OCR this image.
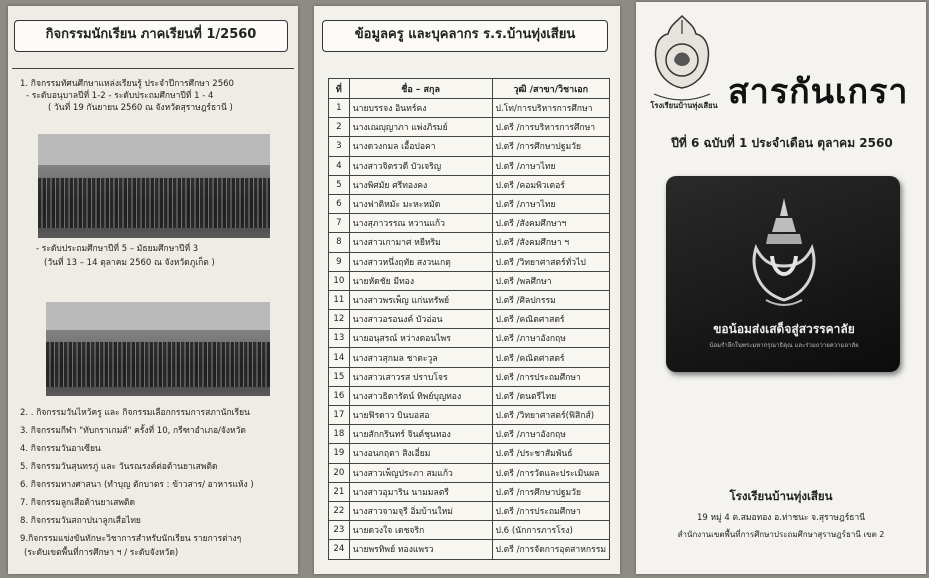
กิจกรรมนักเรียน ภาคเรียนที่ 1/2560
1. กิจกรรมทัศนศึกษาแหล่งเรียนรู้ ประจำปีการศึกษา 2560
- ระดับอนุบาลปีที่ 1-2 - ระดับประถมศึกษาปีที่ 1 - 4
( วันที่ 19 กันยายน 2560 ณ จังหวัดสุราษฎร์ธานี )
- ระดับประถมศึกษาปีที่ 5 – มัธยมศึกษาปีที่ 3
(วันที่ 13 – 14 ตุลาคม 2560 ณ จังหวัดภูเก็ต )
2. . กิจกรรมวันไหว้ครู และ กิจกรรมเลือกกรรมการสภานักเรียน
3. กิจกรรมกีฬา "ทับกราเกมส์" ครั้งที่ 10, กรีฑาอำเภอ/จังหวัด
4. กิจกรรมวันอาเซียน
5. กิจกรรมวันสุนทรภู่ และ วันรณรงค์ต่อต้านยาเสพติด
6. กิจกรรมทางศาสนา (ทำบุญ ตักบาตร : ข้าวสาร/ อาหารแห้ง )
7. กิจกรรมลูกเสือต้านยาเสพติด
8. กิจกรรมวันสถาปนาลูกเสือไทย
9.กิจกรรมแข่งขันทักษะวิชาการสำหรับนักเรียน รายการต่างๆ
(ระดับเขตพื้นที่การศึกษา ฯ / ระดับจังหวัด)
ข้อมูลครู และบุคลากร ร.ร.บ้านทุ่งเสียน
ที่	ชื่อ – สกุล	วุฒิ /สาขา/วิชาเอก
1	นายบรรจง อินทร์คง	ป.โท/การบริหารการศึกษา
2	นางเณญุญาภา แพ่งภิรมย์	ป.ตรี /การบริหารการศึกษา
3	นางดวงกมล เอื้อปอคา	ป.ตรี /การศึกษาปฐมวัย
4	นางสาวจิตรวดี บัวเจริญ	ป.ตรี /ภาษาไทย
5	นางพิศมัย ศรีทองคง	ป.ตรี /คอมพิวเตอร์
6	นางฟาติหมัะ มะหะหมัด	ป.ตรี /ภาษาไทย
7	นางสุภาวรรณ หวานแก้ว	ป.ตรี /สังคมศึกษาฯ
8	นางสาวเกามาศ หยีหริม	ป.ตรี /สังคมศึกษา ฯ
9	นางสาวหนึ่งฤทัย สงวนเกตุ	ป.ตรี /วิทยาศาสตร์ทั่วไป
10	นายหัดชัย มีทอง	ป.ตรี /พลศึกษา
11	นางสาวพรเพ็ญ แก่นทรัพย์	ป.ตรี /ศิลปกรรม
12	นางสาวอรอนงค์ บัวอ่อน	ป.ตรี /คณิตศาสตร์
13	นายอนุสรณ์ หว่างดอนไพร	ป.ตรี /ภาษาอังกฤษ
14	นางสาวสุกมล ชาตะวูล	ป.ตรี /คณิตศาสตร์
15	นางสาวเสาวรส ปราบโจร	ป.ตรี /การประถมศึกษา
16	นางสาวธิดารัตน์ ทิพย์บุญทอง	ป.ตรี /ดนตรีไทย
17	นายฟิรดาว บินบอสอ	ป.ตรี /วิทยาศาสตร์(ฟิสิกส์)
18	นายสักกรินทร์ จินต์ชุนทอง	ป.ตรี /ภาษาอังกฤษ
19	นางอนกฤตา สิงเอี่ยม	ป.ตรี /ประชาสัมพันธ์
20	นางสาวเพ็ญประภา สมแก้ว	ป.ตรี /การวัดและประเมินผล
21	นางสาวอุมาริน นามมลตรี	ป.ตรี /การศึกษาปฐมวัย
22	นางสาวจามจุรี อิ่มบ้านใหม่	ป.ตรี /การประถมศึกษา
23	นายดวงใจ เดชจริก	ป.6 (นักการภารโรง)
24	นายพรทิพย์ ทองแพรว	ป.ตรี /การจัดการอุตสาหกรรม
โรงเรียนบ้านทุ่งเสียน สารกันเกรา
ปีที่ 6 ฉบับที่ 1 ประจำเดือน ตุลาคม 2560
ขอน้อมส่งเสด็จสู่สวรรคาลัย
น้อมรำลึกในพระมหากรุณาธิคุณ และร่วมถวายความอาลัย
โรงเรียนบ้านทุ่งเสียน
19 หมู่ 4 ต.สมอทอง อ.ท่าชนะ จ.สุราษฎร์ธานี
สำนักงานเขตพื้นที่การศึกษาประถมศึกษาสุราษฎร์ธานี เขต 2
